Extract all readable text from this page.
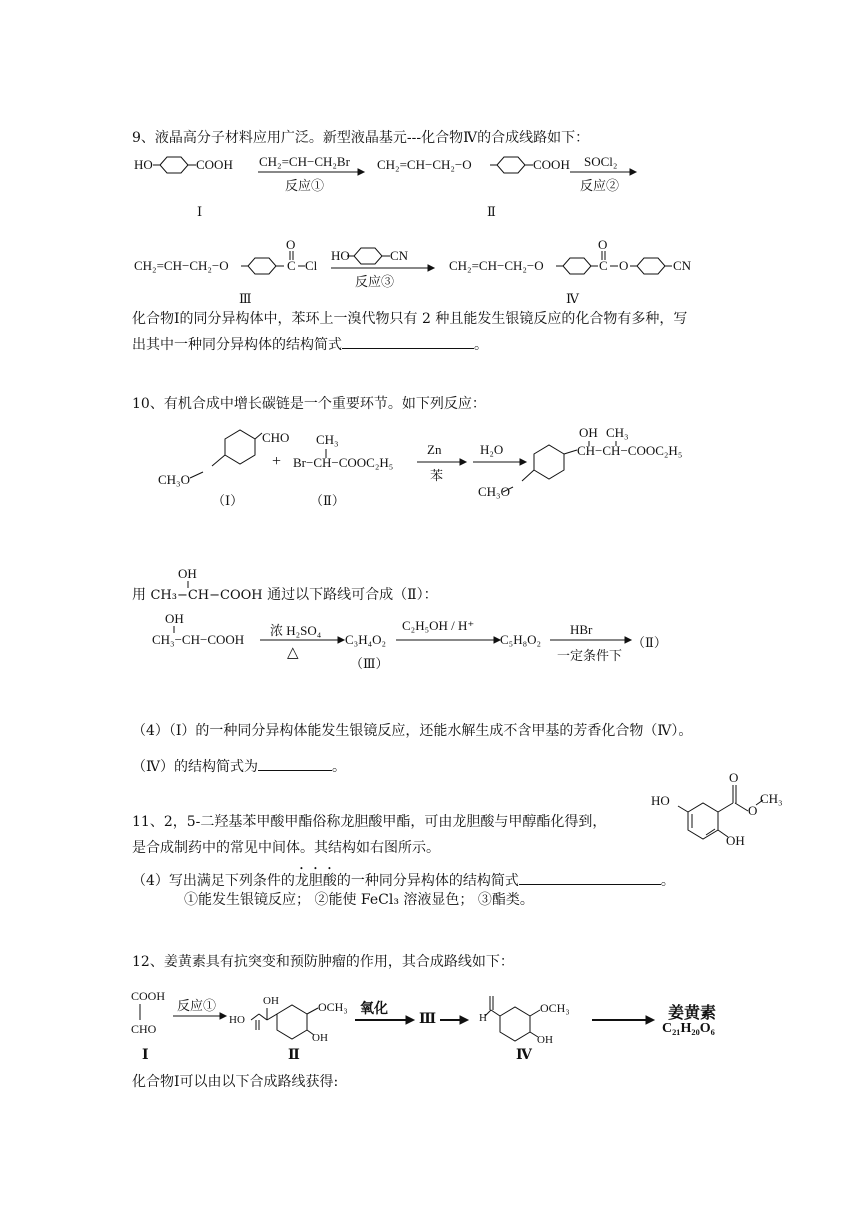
9、液晶高分子材料应用广泛。新型液晶基元---化合物Ⅳ的合成线路如下：
HO	COOH
Ⅰ
CH₂=CH−CH₂Br
反应①
CH₂=CH−CH₂−O	COOH
Ⅱ
SOCl₂
反应②
CH₂=CH−CH₂−O
O
C Cl
Ⅲ
HO	CN
反应③
CH₂=CH−CH₂−O
O
C O	CN
Ⅳ
化合物Ⅰ的同分异构体中，苯环上一溴代物只有 2 种且能发生银镜反应的化合物有多种，写
出其中一种同分异构体的结构简式	。
10、有机合成中增长碳链是一个重要环节。如下列反应：
CHO
CH₃O
（Ⅰ）
+
CH₃
Br−CH−COOC₂H₅
（Ⅱ）
Zn
苯
H₂O
OH CH₃
CH−CH−COOC₂H₅
CH₃O
OH
用 CH₃−CH−COOH 通过以下路线可合成（Ⅱ）：
OH
CH₃−CH−COOH
浓 H₂SO₄
△
C₃H₄O₂
（Ⅲ）
C₂H₅OH / H⁺
C₅H₈O₂
HBr
一定条件下
（Ⅱ）
（4）（Ⅰ）的一种同分异构体能发生银镜反应，还能水解生成不含甲基的芳香化合物（Ⅳ）。
（Ⅳ）的结构简式为	。
HO
O
O
CH₃
OH
11、2，5-二羟基苯甲酸甲酯俗称龙胆酸甲酯，可由龙胆酸与甲醇酯化得到，
是合成制药中的常见中间体。其结构如右图所示。
（4）写出满足下列条件的龙胆酸的一种同分异构体的结构简式	。
①能发生银镜反应； ②能使 FeCl₃ 溶液显色； ③酯类。
12、姜黄素具有抗突变和预防肿瘤的作用，其合成路线如下：
COOH
CHO
Ⅰ
反应①
HO
OH	OCH₃
OH
Ⅱ
氧化
Ⅲ	H
OCH₃
OH
Ⅳ
姜黄素
C₂₁H₂₀O₆
化合物Ⅰ可以由以下合成路线获得:
